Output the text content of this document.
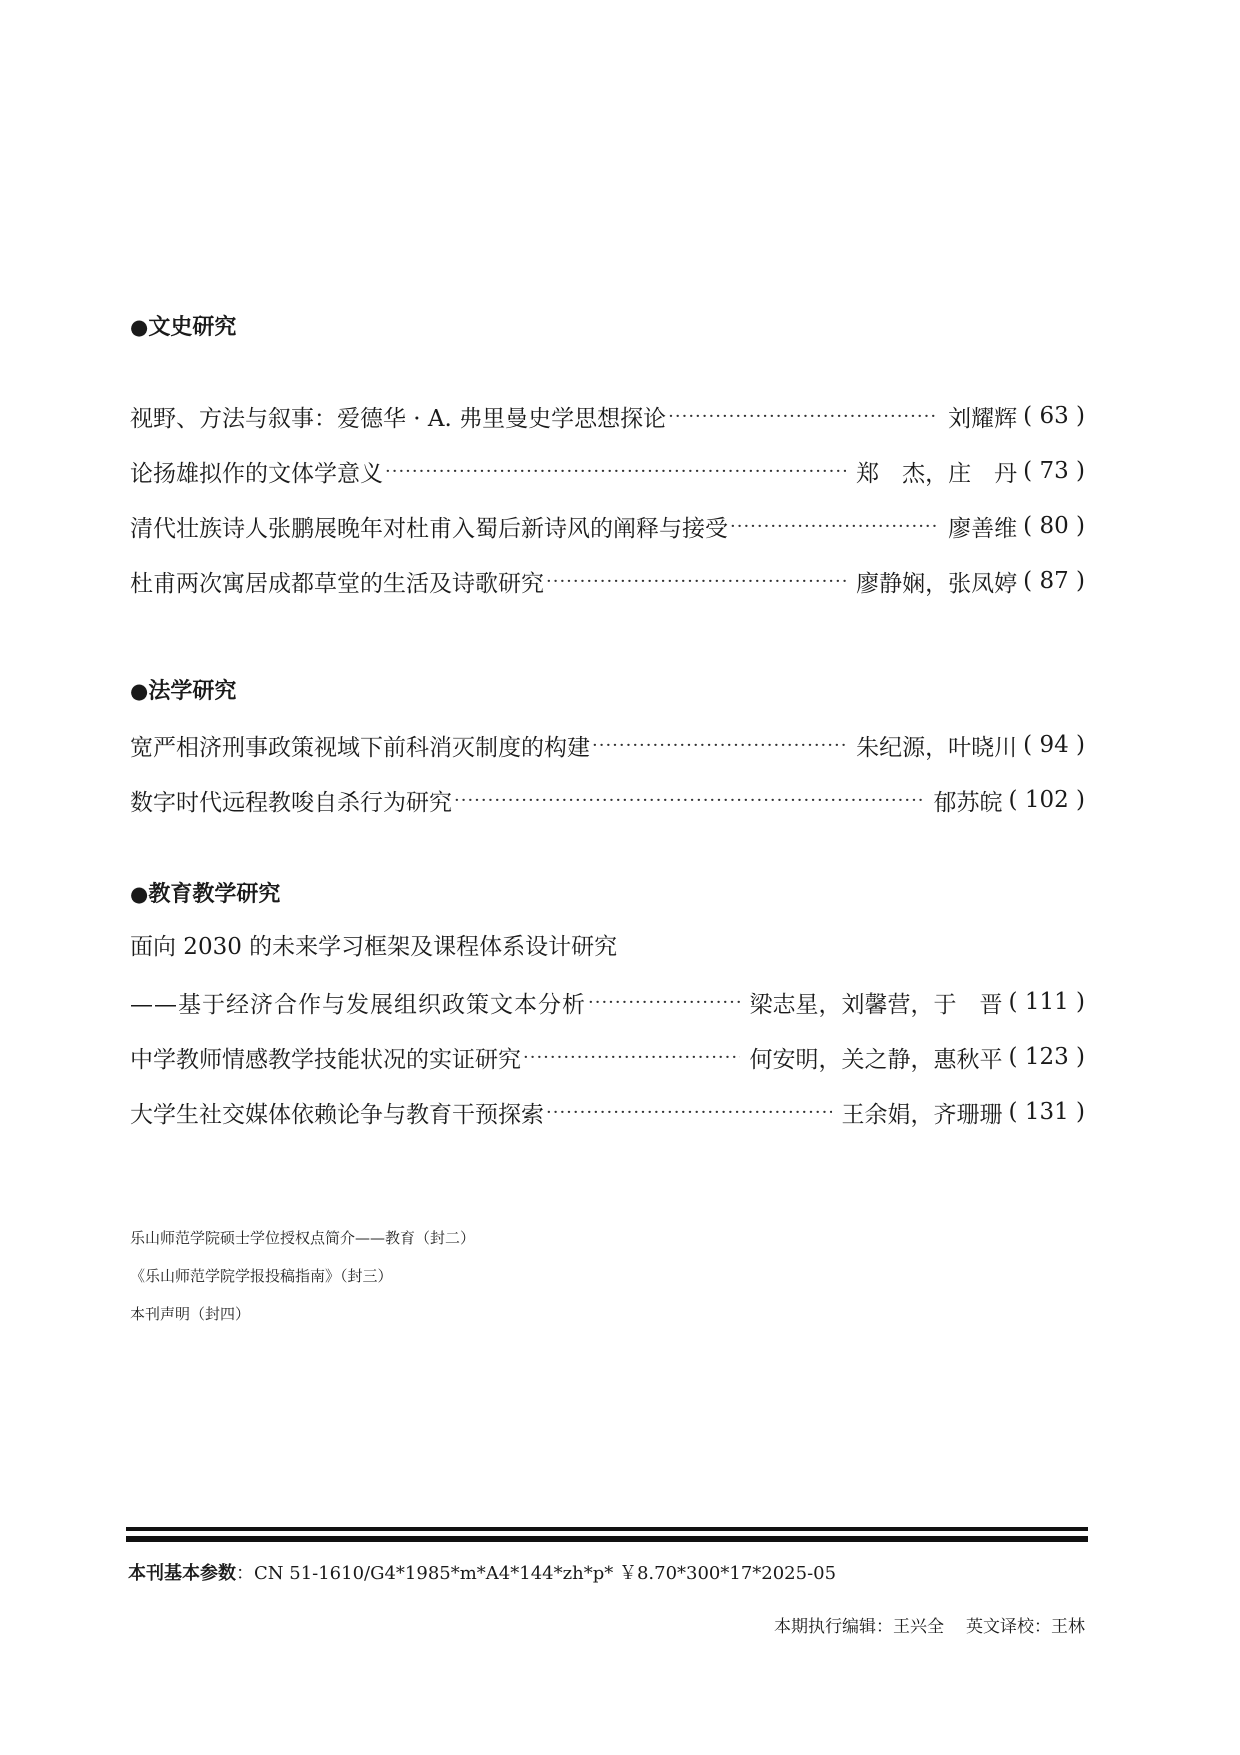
●文史研究
视野、方法与叙事：爱德华 · A. 弗里曼史学思想探论 ·····	刘耀辉 ( 63 )
论扬雄拟作的文体学意义 ·····	郑　杰，庄　丹 ( 73 )
清代壮族诗人张鹏展晚年对杜甫入蜀后新诗风的阐释与接受 ·····	廖善维 ( 80 )
杜甫两次寓居成都草堂的生活及诗歌研究 ·····	廖静娴，张凤婷 ( 87 )
●法学研究
宽严相济刑事政策视域下前科消灭制度的构建 ·····	朱纪源，叶晓川 ( 94 )
数字时代远程教唆自杀行为研究 ·····	郁苏皖 ( 102 )
●教育教学研究
面向 2030 的未来学习框架及课程体系设计研究
——基于经济合作与发展组织政策文本分析 ·····	梁志星，刘馨营，于　晋 ( 111 )
中学教师情感教学技能状况的实证研究 ·····	何安明，关之静，惠秋平 ( 123 )
大学生社交媒体依赖论争与教育干预探索 ·····	王余娟，齐珊珊 ( 131 )
乐山师范学院硕士学位授权点简介——教育（封二）
《乐山师范学院学报投稿指南》（封三）
本刊声明（封四）
本刊基本参数：CN 51-1610/G4*1985*m*A4*144*zh*p* ￥8.70*300*17*2025-05
本期执行编辑：王兴全 英文译校：王林
